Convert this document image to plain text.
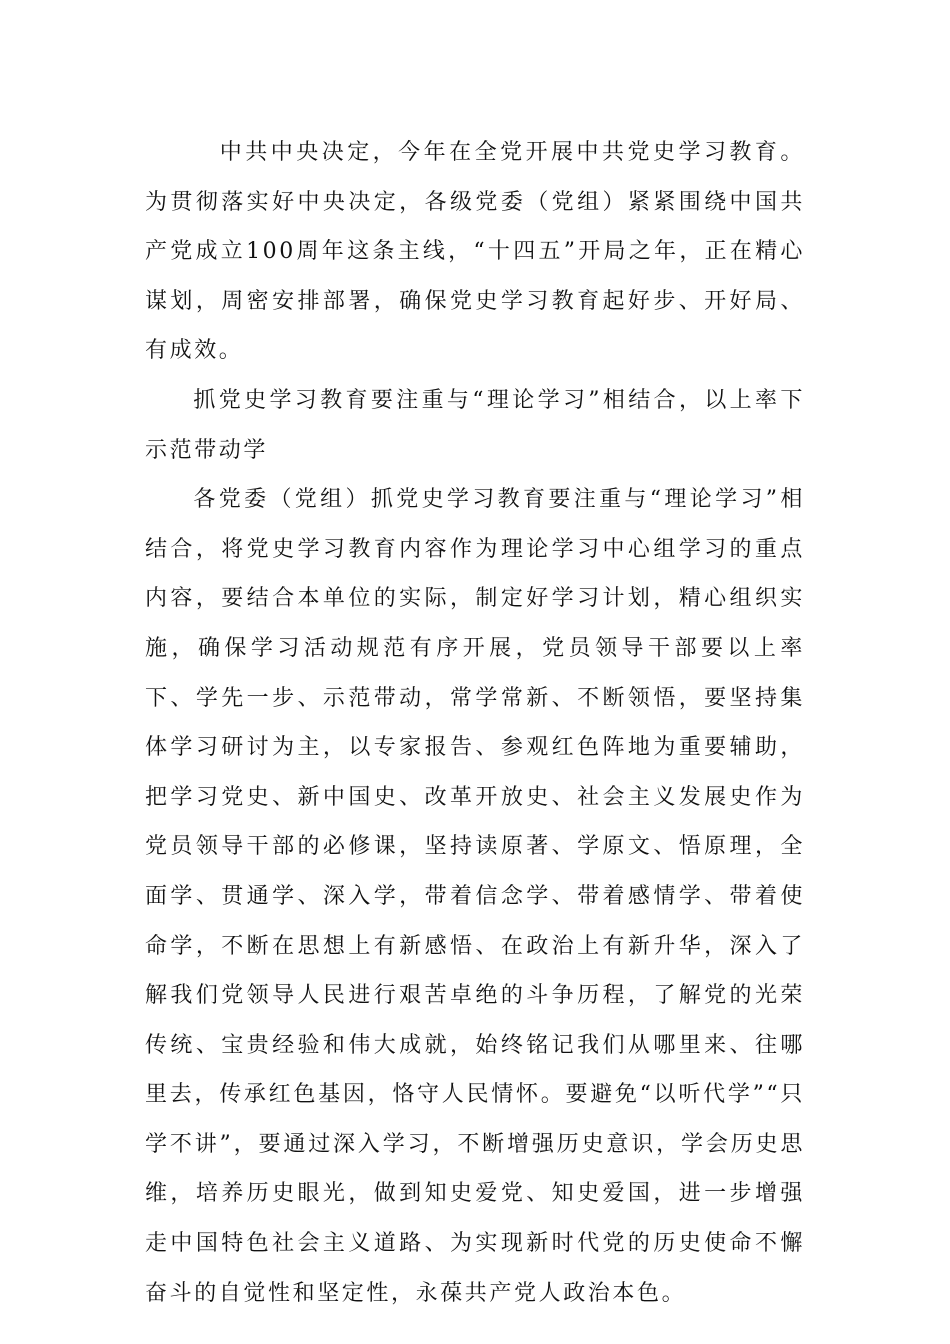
中共中央决定，今年在全党开展中共党史学习教育。为贯彻落实好中央决定，各级党委（党组）紧紧围绕中国共产党成立100周年这条主线，“十四五”开局之年，正在精心谋划，周密安排部署，确保党史学习教育起好步、开好局、有成效。

抓党史学习教育要注重与“理论学习”相结合，以上率下示范带动学

各党委（党组）抓党史学习教育要注重与“理论学习”相结合，将党史学习教育内容作为理论学习中心组学习的重点内容，要结合本单位的实际，制定好学习计划，精心组织实施，确保学习活动规范有序开展，党员领导干部要以上率下、学先一步、示范带动，常学常新、不断领悟，要坚持集体学习研讨为主，以专家报告、参观红色阵地为重要辅助，把学习党史、新中国史、改革开放史、社会主义发展史作为党员领导干部的必修课，坚持读原著、学原文、悟原理，全面学、贯通学、深入学，带着信念学、带着感情学、带着使命学，不断在思想上有新感悟、在政治上有新升华，深入了解我们党领导人民进行艰苦卓绝的斗争历程，了解党的光荣传统、宝贵经验和伟大成就，始终铭记我们从哪里来、往哪里去，传承红色基因，恪守人民情怀。要避免“以听代学”“只学不讲”，要通过深入学习，不断增强历史意识，学会历史思维，培养历史眼光，做到知史爱党、知史爱国，进一步增强走中国特色社会主义道路、为实现新时代党的历史使命不懈奋斗的自觉性和坚定性，永葆共产党人政治本色。
